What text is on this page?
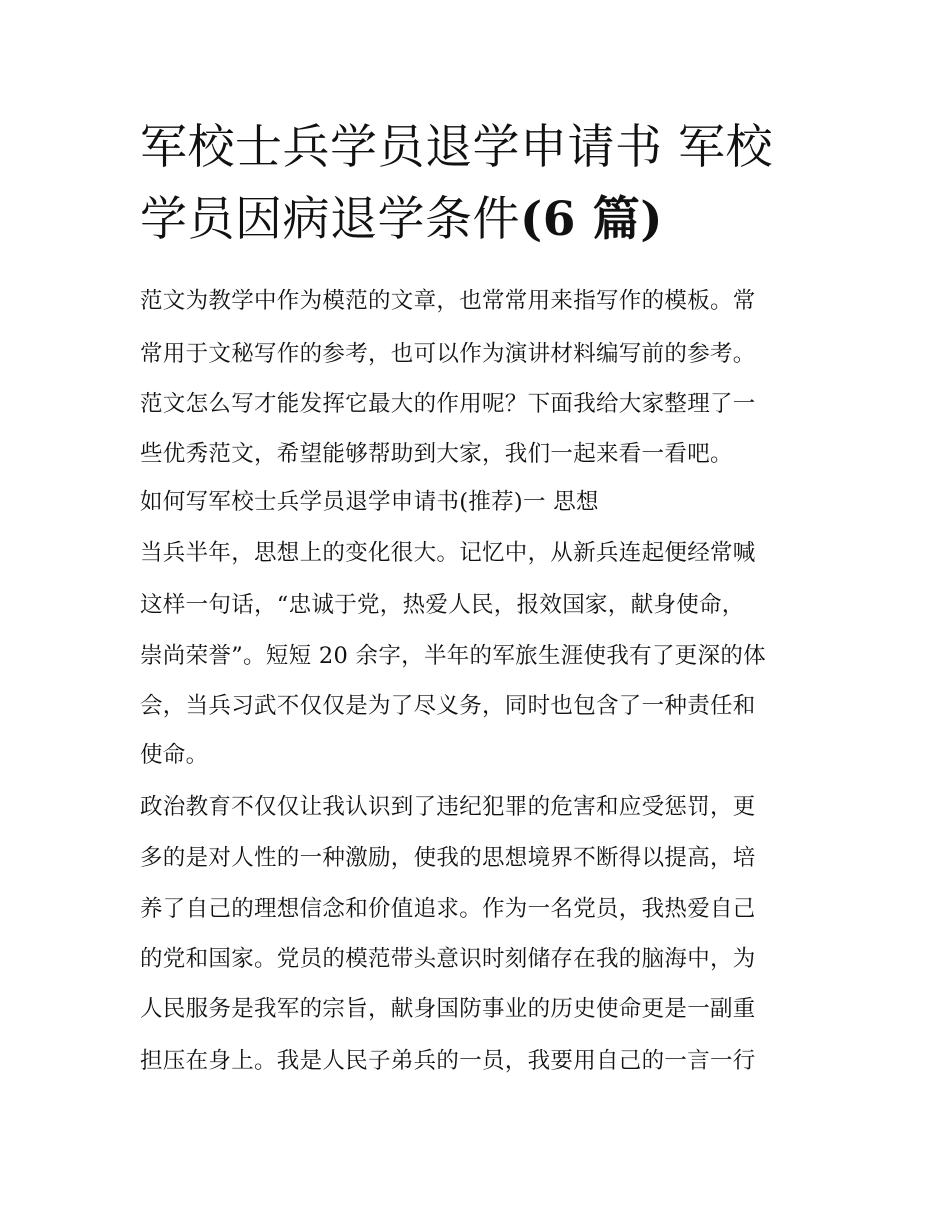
军校士兵学员退学申请书 军校
学员因病退学条件(6 篇)

范文为教学中作为模范的文章，也常常用来指写作的模板。常

常用于文秘写作的参考，也可以作为演讲材料编写前的参考。

范文怎么写才能发挥它最大的作用呢？下面我给大家整理了一

些优秀范文，希望能够帮助到大家，我们一起来看一看吧。

如何写军校士兵学员退学申请书(推荐)一 思想

当兵半年，思想上的变化很大。记忆中，从新兵连起便经常喊

这样一句话，“忠诚于党，热爱人民，报效国家，献身使命，

崇尚荣誉”。短短 20 余字，半年的军旅生涯使我有了更深的体

会，当兵习武不仅仅是为了尽义务，同时也包含了一种责任和

使命。

政治教育不仅仅让我认识到了违纪犯罪的危害和应受惩罚，更

多的是对人性的一种激励，使我的思想境界不断得以提高，培

养了自己的理想信念和价值追求。作为一名党员，我热爱自己

的党和国家。党员的模范带头意识时刻储存在我的脑海中，为

人民服务是我军的宗旨，献身国防事业的历史使命更是一副重

担压在身上。我是人民子弟兵的一员，我要用自己的一言一行
